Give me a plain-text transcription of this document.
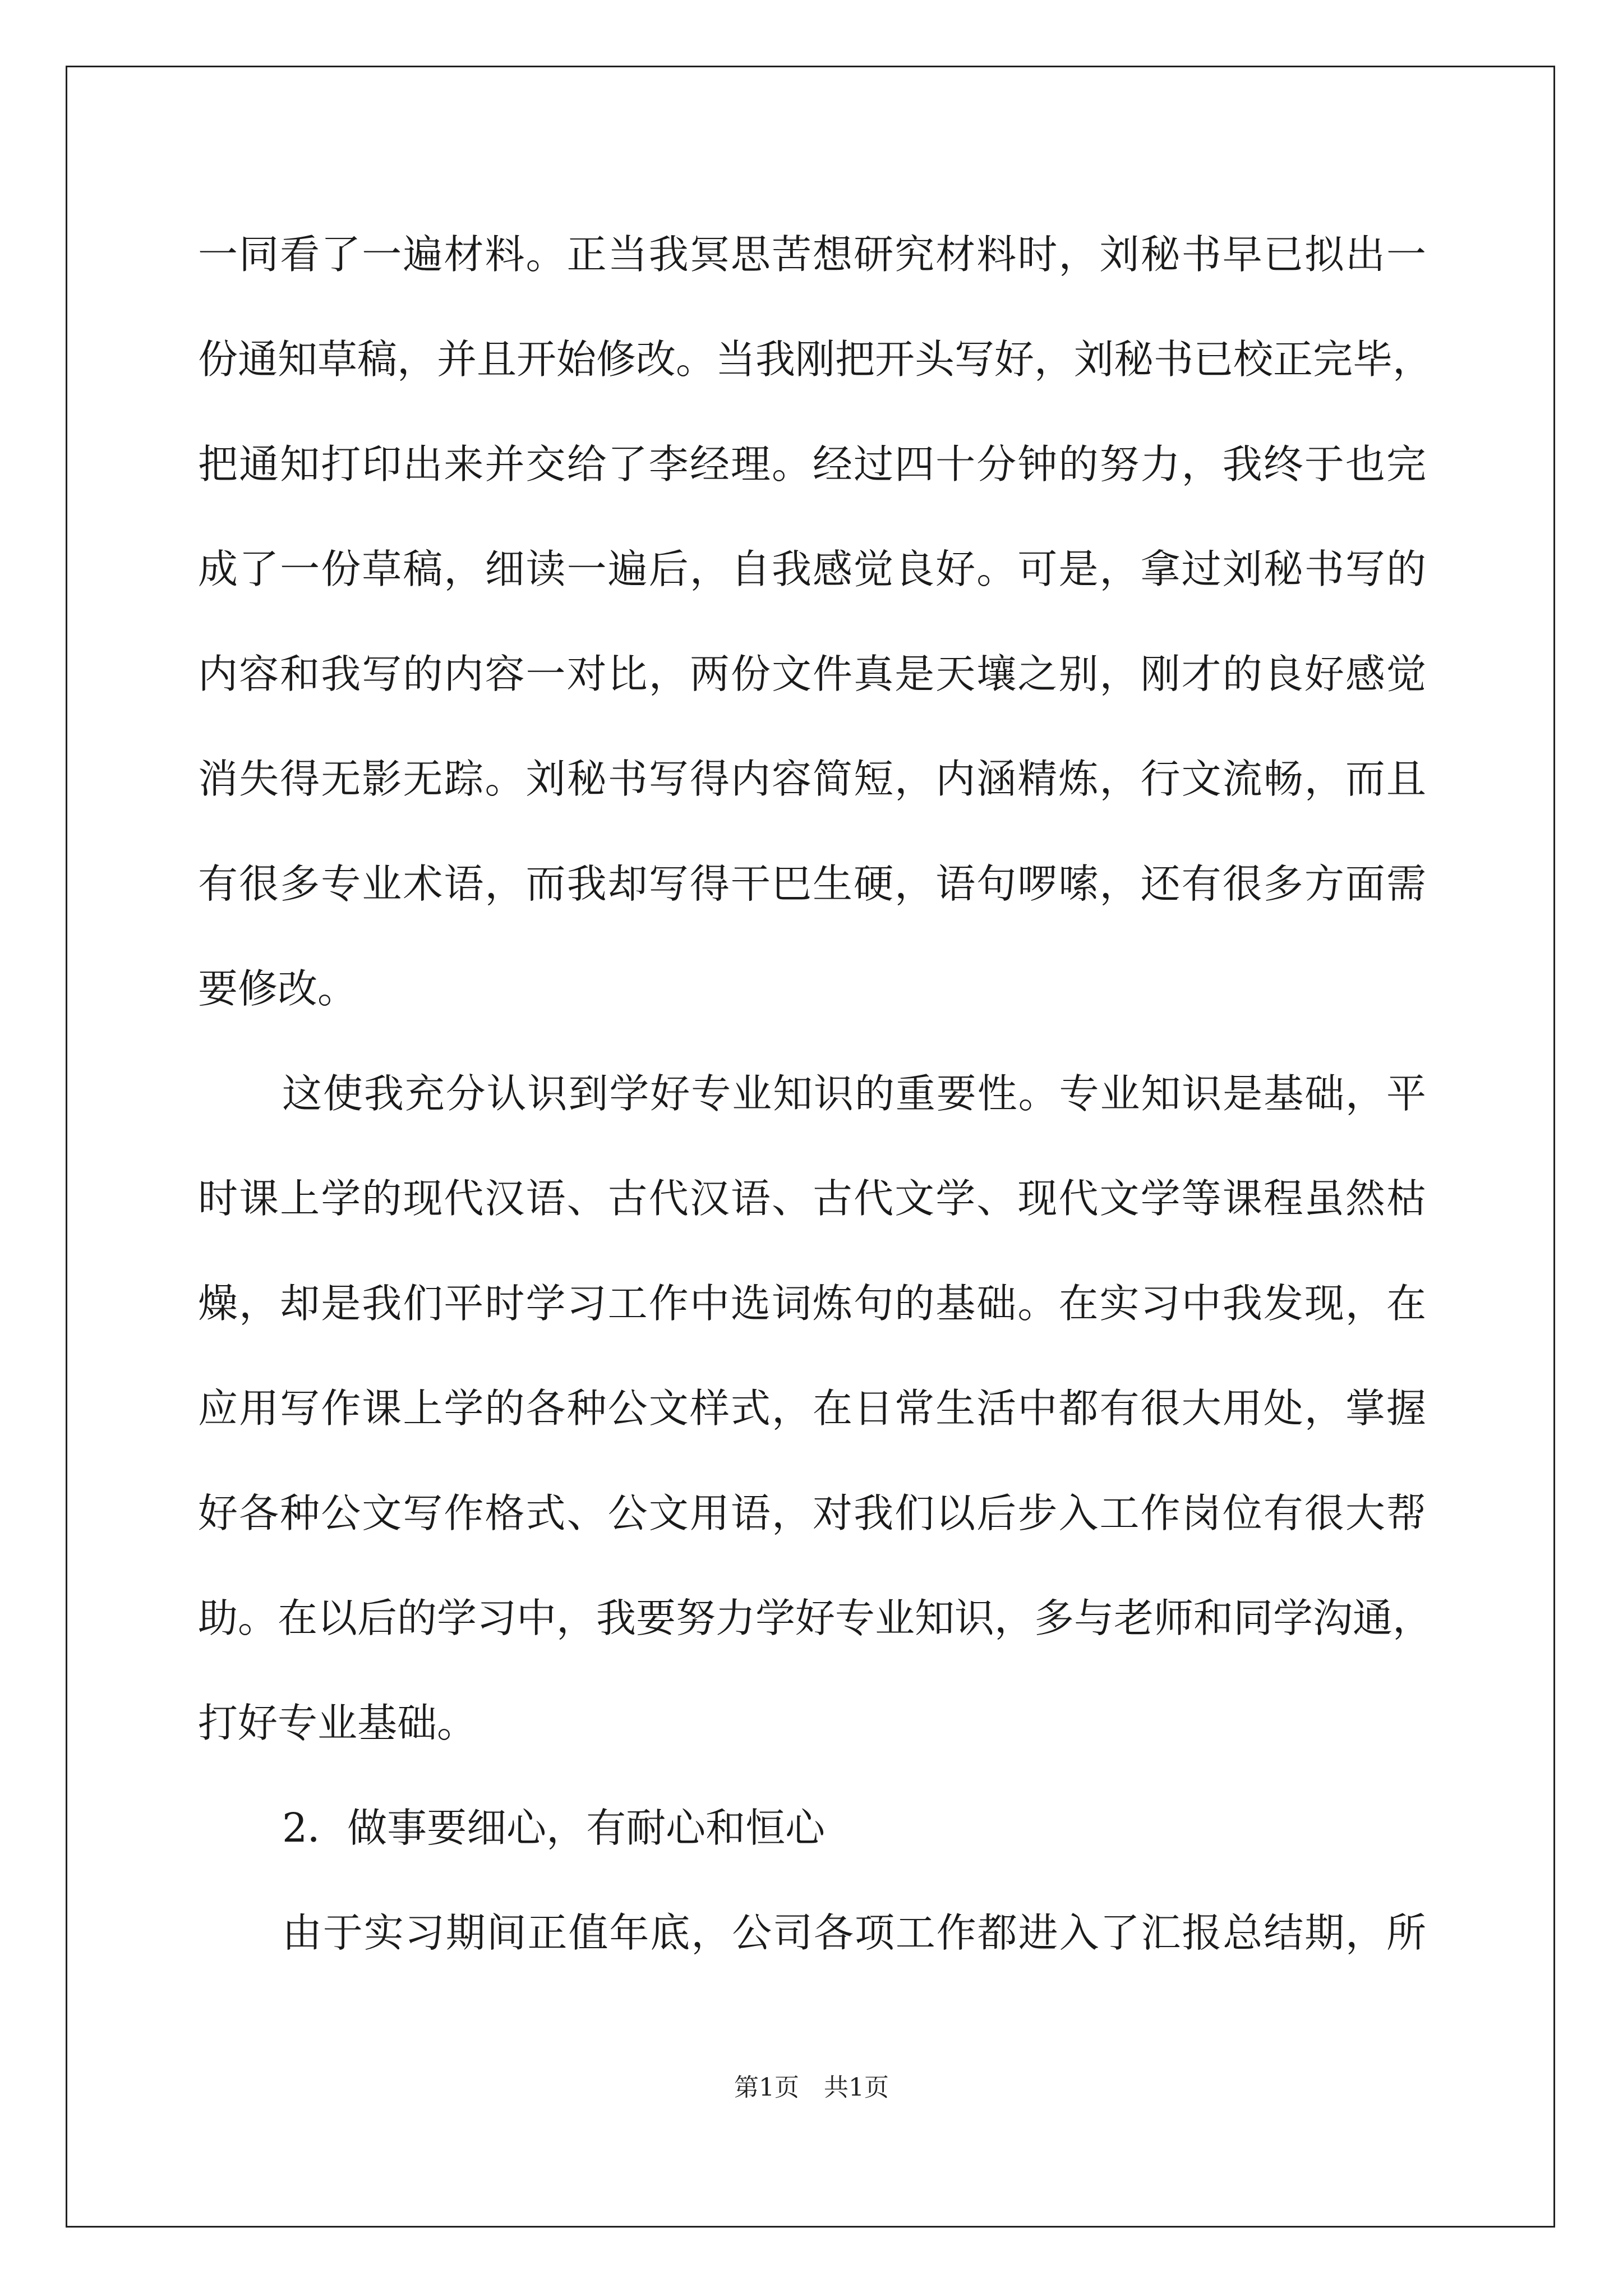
一同看了一遍材料。正当我冥思苦想研究材料时，刘秘书早已拟出一
份通知草稿，并且开始修改。当我刚把开头写好，刘秘书已校正完毕，
把通知打印出来并交给了李经理。经过四十分钟的努力，我终于也完
成了一份草稿，细读一遍后，自我感觉良好。可是，拿过刘秘书写的
内容和我写的内容一对比，两份文件真是天壤之别，刚才的良好感觉
消失得无影无踪。刘秘书写得内容简短，内涵精炼，行文流畅，而且
有很多专业术语，而我却写得干巴生硬，语句啰嗦，还有很多方面需
要修改。
这使我充分认识到学好专业知识的重要性。专业知识是基础，平
时课上学的现代汉语、古代汉语、古代文学、现代文学等课程虽然枯
燥，却是我们平时学习工作中选词炼句的基础。在实习中我发现，在
应用写作课上学的各种公文样式，在日常生活中都有很大用处，掌握
好各种公文写作格式、公文用语，对我们以后步入工作岗位有很大帮
助。在以后的学习中，我要努力学好专业知识，多与老师和同学沟通，
打好专业基础。
2．做事要细心，有耐心和恒心
由于实习期间正值年底，公司各项工作都进入了汇报总结期，所
第1页　共1页
